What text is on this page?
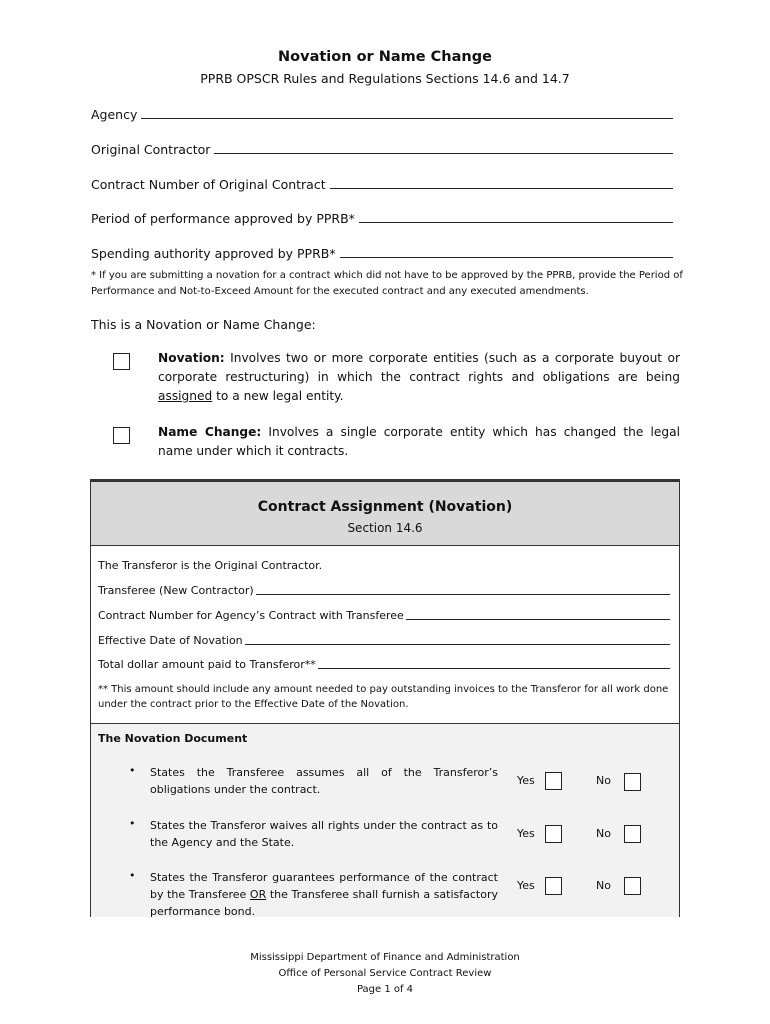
Novation or Name Change
PPRB OPSCR Rules and Regulations Sections 14.6 and 14.7
Agency
Original Contractor
Contract Number of Original Contract
Period of performance approved by PPRB*
Spending authority approved by PPRB*
* If you are submitting a novation for a contract which did not have to be approved by the PPRB, provide the Period of Performance and Not-to-Exceed Amount for the executed contract and any executed amendments.
This is a Novation or Name Change:
Novation: Involves two or more corporate entities (such as a corporate buyout or corporate restructuring) in which the contract rights and obligations are being assigned to a new legal entity.
Name Change: Involves a single corporate entity which has changed the legal name under which it contracts.
Contract Assignment (Novation)
Section 14.6
The Transferor is the Original Contractor.
Transferee (New Contractor)
Contract Number for Agency’s Contract with Transferee
Effective Date of Novation
Total dollar amount paid to Transferor**
** This amount should include any amount needed to pay outstanding invoices to the Transferor for all work done under the contract prior to the Effective Date of the Novation.
The Novation Document
• States the Transferee assumes all of the Transferor’s obligations under the contract.
Yes	No
• States the Transferor waives all rights under the contract as to the Agency and the State.
Yes	No
• States the Transferor guarantees performance of the contract by the Transferee OR the Transferee shall furnish a satisfactory performance bond.
Yes	No
Mississippi Department of Finance and Administration
Office of Personal Service Contract Review
Page 1 of 4
